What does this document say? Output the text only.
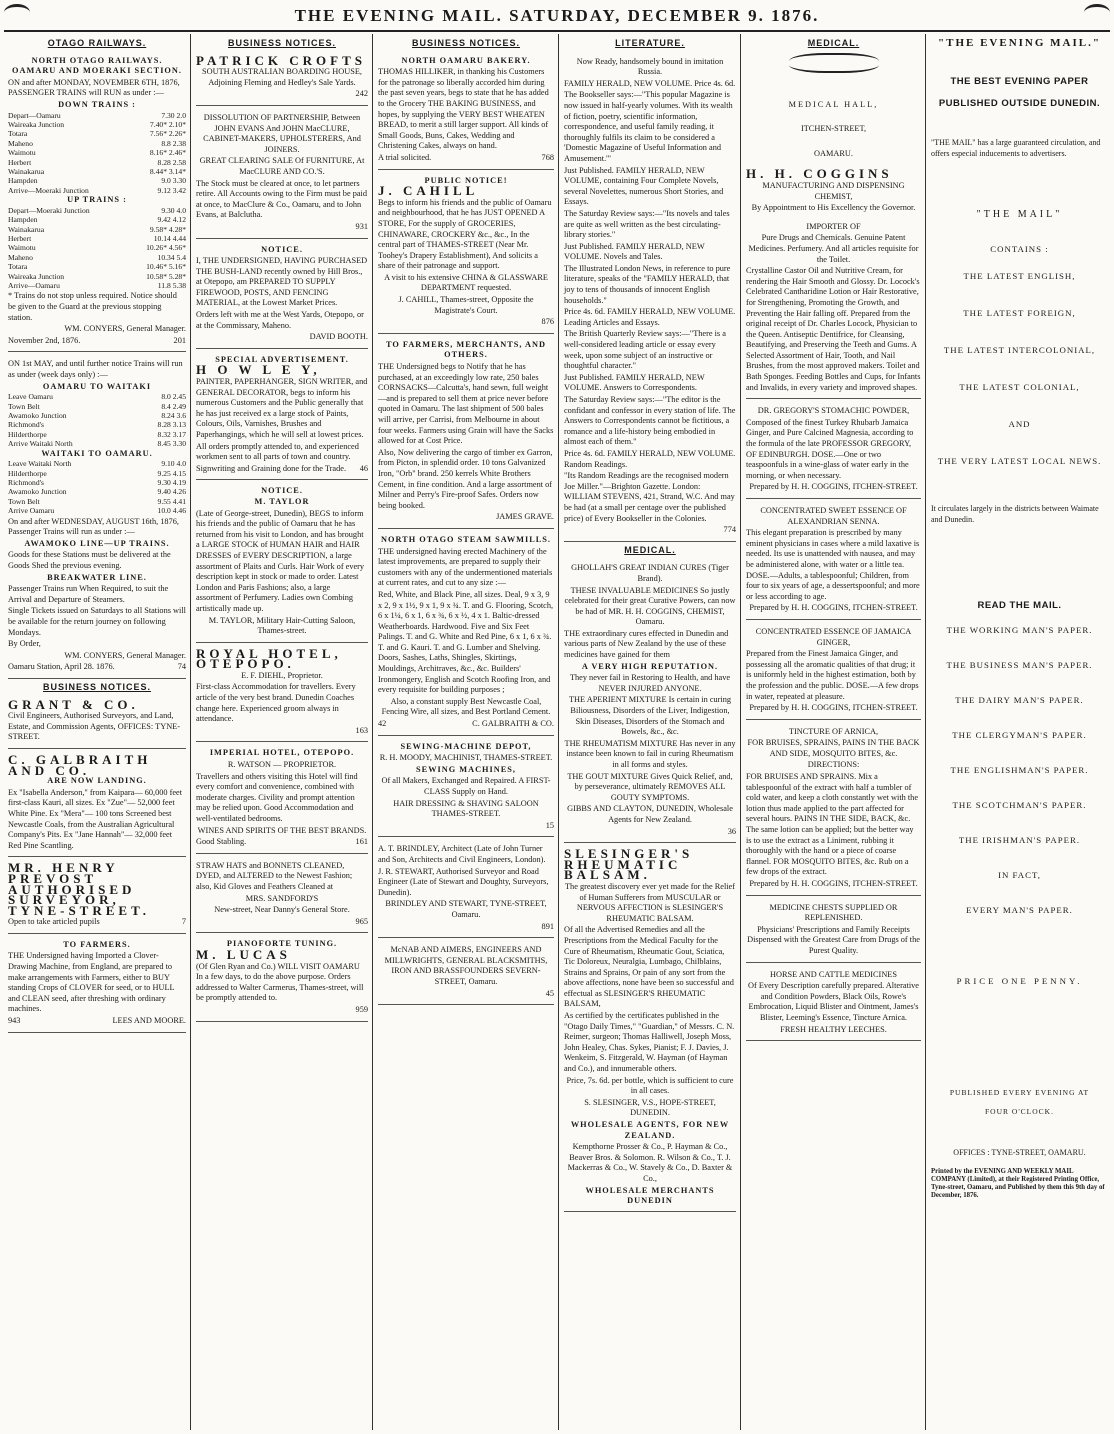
THE EVENING MAIL. SATURDAY, DECEMBER 9. 1876.
OTAGO RAILWAYS.
NORTH OTAGO RAILWAYS.
OAMARU AND MOERAKI SECTION.

ON and after MONDAY, NOVEMBER 6TH, 1876, PASSENGER TRAINS will RUN as under :—

DOWN TRAINS :
Depart—Oamaru	7.30 2.0
Waireaka Junction	7.40* 2.10*
Totara	7.56* 2.26*
Maheno	8.8 2.38
Waimotu	8.16* 2.46*
Herbert	8.28 2.58
Wainakarua	8.44* 3.14*
Hampden	9.0 3.30
Arrive—Moeraki Junction	9.12 3.42
UP TRAINS :
Depart—Moeraki Junction	9.30 4.0
Hampden	9.42 4.12
Wainakarua	9.58* 4.28*
Herbert	10.14 4.44
Waimotu	10.26* 4.56*
Maheno	10.34 5.4
Totara	10.46* 5.16*
Waireaka Junction	10.58* 5.28*
Arrive—Oamaru	11.8 5.38

* Trains do not stop unless required. Notice should be given to the Guard at the previous stopping station.

WM. CONYERS, General Manager.

November 2nd, 1876.	201

ON 1st MAY, and until further notice Trains will run as under (week days only) :—

OAMARU TO WAITAKI
Leave Oamaru	8.0 2.45
Town Belt	8.4 2.49
Awamoko Junction	8.24 3.6
Richmond's	8.28 3.13
Hilderthorpe	8.32 3.17
Arrive Waitaki North	8.45 3.30
WAITAKI TO OAMARU.
Leave Waitaki North	9.10 4.0
Hilderthorpe	9.25 4.15
Richmond's	9.30 4.19
Awamoko Junction	9.40 4.26
Town Belt	9.55 4.41
Arrive Oamaru	10.0 4.46

On and after WEDNESDAY, AUGUST 16th, 1876, Passenger Trains will run as under :—

AWAMOKO LINE—UP TRAINS.

Goods for these Stations must be delivered at the Goods Shed the previous evening.

BREAKWATER LINE.

Passenger Trains run When Required, to suit the Arrival and Departure of Steamers.

Single Tickets issued on Saturdays to all Stations will be available for the return journey on following Mondays.

By Order,

WM. CONYERS, General Manager.

Oamaru Station, April 28. 1876.	74

BUSINESS NOTICES.
GRANT & CO.

Civil Engineers, Authorised Surveyors, and Land, Estate, and Commission Agents, OFFICES: TYNE-STREET.

C. GALBRAITH AND CO.
ARE NOW LANDING.

Ex "Isabella Anderson," from Kaipara— 60,000 feet first-class Kauri, all sizes. Ex "Zue"— 52,000 feet White Pine. Ex "Mera"— 100 tons Screened best Newcastle Coals, from the Australian Agricultural Company's Pits. Ex "Jane Hannah"— 32,000 feet Red Pine Scantling.

MR. HENRY PREVOST AUTHORISED SURVEYOR, TYNE-STREET.

Open to take articled pupils	7

TO FARMERS.

THE Undersigned having Imported a Clover-Drawing Machine, from England, are prepared to make arrangements with Farmers, either to BUY standing Crops of CLOVER for seed, or to HULL and CLEAN seed, after threshing with ordinary machines.

943	LEES AND MOORE.

BUSINESS NOTICES.
PATRICK CROFTS

SOUTH AUSTRALIAN BOARDING HOUSE, Adjoining Fleming and Hedley's Sale Yards.

242

DISSOLUTION OF PARTNERSHIP, Between JOHN EVANS And JOHN MacCLURE, CABINET-MAKERS, UPHOLSTERERS, And JOINERS.

GREAT CLEARING SALE Of FURNITURE, At MacCLURE AND CO.'S.

The Stock must be cleared at once, to let partners retire. All Accounts owing to the Firm must be paid at once, to MacClure & Co., Oamaru, and to John Evans, at Balclutha.

931

NOTICE.

I, THE UNDERSIGNED, HAVING PURCHASED THE BUSH-LAND recently owned by Hill Bros., at Otepopo, am PREPARED TO SUPPLY FIREWOOD, POSTS, AND FENCING MATERIAL, at the Lowest Market Prices.

Orders left with me at the West Yards, Otepopo, or at the Commissary, Maheno.

DAVID BOOTH.

SPECIAL ADVERTISEMENT.
H O W L E Y,

PAINTER, PAPERHANGER, SIGN WRITER, and GENERAL DECORATOR, begs to inform his numerous Customers and the Public generally that he has just received ex a large stock of Paints, Colours, Oils, Varnishes, Brushes and Paperhangings, which he will sell at lowest prices.

All orders promptly attended to, and experienced workmen sent to all parts of town and country.

Signwriting and Graining done for the Trade. 46

NOTICE.
M. TAYLOR

(Late of George-street, Dunedin), BEGS to inform his friends and the public of Oamaru that he has returned from his visit to London, and has brought a LARGE STOCK of HUMAN HAIR and HAIR DRESSES of EVERY DESCRIPTION, a large assortment of Plaits and Curls. Hair Work of every description kept in stock or made to order. Latest London and Paris Fashions; also, a large assortment of Perfumery. Ladies own Combing artistically made up.

M. TAYLOR, Military Hair-Cutting Saloon, Thames-street.

ROYAL HOTEL, OTEPOPO.

E. F. DIEHL, Proprietor.

First-class Accommodation for travellers. Every article of the very best brand. Dunedin Coaches change here. Experienced groom always in attendance.

163

IMPERIAL HOTEL, OTEPOPO.

R. WATSON — PROPRIETOR.

Travellers and others visiting this Hotel will find every comfort and convenience, combined with moderate charges. Civility and prompt attention may be relied upon. Good Accommodation and well-ventilated bedrooms.

WINES AND SPIRITS OF THE BEST BRANDS.

Good Stabling.	161

STRAW HATS and BONNETS CLEANED, DYED, and ALTERED to the Newest Fashion; also, Kid Gloves and Feathers Cleaned at

MRS. SANDFORD'S

New-street, Near Danny's General Store.

965

PIANOFORTE TUNING.
M. LUCAS

(Of Glen Ryan and Co.) WILL VISIT OAMARU In a few days, to do the above purpose. Orders addressed to Walter Carmerus, Thames-street, will be promptly attended to.

959

BUSINESS NOTICES.
NORTH OAMARU BAKERY.

THOMAS HILLIKER, in thanking his Customers for the patronage so liberally accorded him during the past seven years, begs to state that he has added to the Grocery THE BAKING BUSINESS, and hopes, by supplying the VERY BEST WHEATEN BREAD, to merit a still larger support. All kinds of Small Goods, Buns, Cakes, Wedding and Christening Cakes, always on hand.

A trial solicited.	768

PUBLIC NOTICE!
J. CAHILL

Begs to inform his friends and the public of Oamaru and neighbourhood, that he has JUST OPENED A STORE, For the supply of GROCERIES, CHINAWARE, CROCKERY &c., &c., In the central part of THAMES-STREET (Near Mr. Toohey's Drapery Establishment), And solicits a share of their patronage and support.

A visit to his extensive CHINA & GLASSWARE DEPARTMENT requested.

J. CAHILL, Thames-street, Opposite the Magistrate's Court.

876

TO FARMERS, MERCHANTS, AND OTHERS.

THE Undersigned begs to Notify that he has purchased, at an exceedingly low rate, 250 bales CORNSACKS—Calcutta's, hand sewn, full weight—and is prepared to sell them at price never before quoted in Oamaru. The last shipment of 500 bales will arrive, per Carrisi, from Melbourne in about four weeks. Farmers using Grain will have the Sacks allowed for at Cost Price.

Also, Now delivering the cargo of timber ex Garron, from Picton, in splendid order. 10 tons Galvanized Iron, "Orb" brand. 250 kerrels White Brothers Cement, in fine condition. And a large assortment of Milner and Perry's Fire-proof Safes. Orders now being booked.

JAMES GRAVE.

NORTH OTAGO STEAM SAWMILLS.

THE undersigned having erected Machinery of the latest improvements, are prepared to supply their customers with any of the undermentioned materials at current rates, and cut to any size :—

Red, White, and Black Pine, all sizes. Deal, 9 x 3, 9 x 2, 9 x 1½, 9 x 1, 9 x ¾. T. and G. Flooring, Scotch, 6 x 1¼, 6 x 1, 6 x ¾, 6 x ½, 4 x 1. Baltic-dressed Weatherboards. Hardwood. Five and Six Feet Palings. T. and G. White and Red Pine, 6 x 1, 6 x ¾. T. and G. Kauri. T. and G. Lumber and Shelving. Doors, Sashes, Laths, Shingles, Skirtings, Mouldings, Architraves, &c., &c. Builders' Ironmongery, English and Scotch Roofing Iron, and every requisite for building purposes ;

Also, a constant supply Best Newcastle Coal, Fencing Wire, all sizes, and Best Portland Cement.

42	C. GALBRAITH & CO.

SEWING-MACHINE DEPOT,

R. H. MOODY, MACHINIST, THAMES-STREET.

SEWING MACHINES,

Of all Makers, Exchanged and Repaired. A FIRST-CLASS Supply on Hand.

HAIR DRESSING & SHAVING SALOON THAMES-STREET.

15

A. T. BRINDLEY, Architect (Late of John Turner and Son, Architects and Civil Engineers, London).

J. R. STEWART, Authorised Surveyor and Road Engineer (Late of Stewart and Doughty, Surveyors, Dunedin).

BRINDLEY AND STEWART, TYNE-STREET, Oamaru.

891

McNAB AND AIMERS, ENGINEERS AND MILLWRIGHTS, GENERAL BLACKSMITHS, IRON AND BRASSFOUNDERS SEVERN-STREET, Oamaru.

45

LITERATURE.

Now Ready, handsomely bound in imitation Russia.

FAMILY HERALD, NEW VOLUME. Price 4s. 6d.

The Bookseller says:—"This popular Magazine is now issued in half-yearly volumes. With its wealth of fiction, poetry, scientific information, correspondence, and useful family reading, it thoroughly fulfils its claim to be considered a 'Domestic Magazine of Useful Information and Amusement.'"

Just Published. FAMILY HERALD, NEW VOLUME, containing Four Complete Novels, several Novelettes, numerous Short Stories, and Essays.

The Saturday Review says:—"Its novels and tales are quite as well written as the best circulating-library stories."

Just Published. FAMILY HERALD, NEW VOLUME. Novels and Tales.

The Illustrated London News, in reference to pure literature, speaks of the "FAMILY HERALD, that joy to tens of thousands of innocent English households."

Price 4s. 6d. FAMILY HERALD, NEW VOLUME. Leading Articles and Essays.

The British Quarterly Review says:—"There is a well-considered leading article or essay every week, upon some subject of an instructive or thoughtful character."

Just Published. FAMILY HERALD, NEW VOLUME. Answers to Correspondents.

The Saturday Review says:—"The editor is the confidant and confessor in every station of life. The Answers to Correspondents cannot be fictitious, a romance and a life-history being embodied in almost each of them."

Price 4s. 6d. FAMILY HERALD, NEW VOLUME. Random Readings.

"Its Random Readings are the recognised modern Joe Miller."—Brighton Gazette. London: WILLIAM STEVENS, 421, Strand, W.C. And may be had (at a small per centage over the published price) of Every Bookseller in the Colonies.

774

MEDICAL.

GHOLLAH'S GREAT INDIAN CURES (Tiger Brand).

THESE INVALUABLE MEDICINES So justly celebrated for their great Curative Powers, can now be had of MR. H. H. COGGINS, CHEMIST, Oamaru.

THE extraordinary cures effected in Dunedin and various parts of New Zealand by the use of these medicines have gained for them

A VERY HIGH REPUTATION.

They never fail in Restoring to Health, and have NEVER INJURED ANYONE.

THE APERIENT MIXTURE Is certain in curing Biliousness, Disorders of the Liver, Indigestion, Skin Diseases, Disorders of the Stomach and Bowels, &c., &c.

THE RHEUMATISM MIXTURE Has never in any instance been known to fail in curing Rheumatism in all forms and styles.

THE GOUT MIXTURE Gives Quick Relief, and, by perseverance, ultimately REMOVES ALL GOUTY SYMPTOMS.

GIBBS AND CLAYTON, DUNEDIN, Wholesale Agents for New Zealand.

36

SLESINGER'S RHEUMATIC BALSAM.

The greatest discovery ever yet made for the Relief of Human Sufferers from MUSCULAR or NERVOUS AFFECTION is SLESINGER'S RHEUMATIC BALSAM.

Of all the Advertised Remedies and all the Prescriptions from the Medical Faculty for the Cure of Rheumatism, Rheumatic Gout, Sciatica, Tic Doloreux, Neuralgia, Lumbago, Chilblains, Strains and Sprains, Or pain of any sort from the above affections, none have been so successful and effectual as SLESINGER'S RHEUMATIC BALSAM,

As certified by the certificates published in the "Otago Daily Times," "Guardian," of Messrs. C. N. Reimer, surgeon; Thomas Halliwell, Joseph Moss, John Healey, Chas. Sykes, Pianist; F. J. Davies, J. Wenkeim, S. Fitzgerald, W. Hayman (of Hayman and Co.), and innumerable others.

Price, 7s. 6d. per bottle, which is sufficient to cure in all cases.

S. SLESINGER, V.S., HOPE-STREET, DUNEDIN.

WHOLESALE AGENTS, FOR NEW ZEALAND.

Kempthorne Prosser & Co., P. Hayman & Co., Beaver Bros. & Solomon. R. Wilson & Co., T. J. Mackerras & Co., W. Stavely & Co., D. Baxter & Co.,

WHOLESALE MERCHANTS DUNEDIN
MEDICAL.

MEDICAL HALL,

ITCHEN-STREET,

OAMARU.

H. H. COGGINS

MANUFACTURING AND DISPENSING CHEMIST,

By Appointment to His Excellency the Governor.

IMPORTER OF

Pure Drugs and Chemicals. Genuine Patent Medicines. Perfumery. And all articles requisite for the Toilet.

Crystalline Castor Oil and Nutritive Cream, for rendering the Hair Smooth and Glossy. Dr. Locock's Celebrated Cantharidine Lotion or Hair Restorative, for Strengthening, Promoting the Growth, and Preventing the Hair falling off. Prepared from the original receipt of Dr. Charles Locock, Physician to the Queen. Antiseptic Dentifrice, for Cleansing, Beautifying, and Preserving the Teeth and Gums. A Selected Assortment of Hair, Tooth, and Nail Brushes, from the most approved makers. Toilet and Bath Sponges. Feeding Bottles and Cups, for Infants and Invalids, in every variety and improved shapes.

DR. GREGORY'S STOMACHIC POWDER,

Composed of the finest Turkey Rhubarb Jamaica Ginger, and Pure Calcined Magnesia, according to the formula of the late PROFESSOR GREGORY, OF EDINBURGH. DOSE.—One or two teaspoonfuls in a wine-glass of water early in the morning, or when necessary.

Prepared by H. H. COGGINS, ITCHEN-STREET.

CONCENTRATED SWEET ESSENCE OF ALEXANDRIAN SENNA.

This elegant preparation is prescribed by many eminent physicians in cases where a mild laxative is needed. Its use is unattended with nausea, and may be administered alone, with water or a little tea. DOSE.—Adults, a tablespoonful; Children, from four to six years of age, a dessertspoonful; and more or less according to age.

Prepared by H. H. COGGINS, ITCHEN-STREET.

CONCENTRATED ESSENCE OF JAMAICA GINGER,

Prepared from the Finest Jamaica Ginger, and possessing all the aromatic qualities of that drug; it is uniformly held in the highest estimation, both by the profession and the public. DOSE.—A few drops in water, repeated at pleasure.

Prepared by H. H. COGGINS, ITCHEN-STREET.

TINCTURE OF ARNICA,

FOR BRUISES, SPRAINS, PAINS IN THE BACK AND SIDE, MOSQUITO BITES, &c.

DIRECTIONS:

FOR BRUISES AND SPRAINS. Mix a tablespoonful of the extract with half a tumbler of cold water, and keep a cloth constantly wet with the lotion thus made applied to the part affected for several hours. PAINS IN THE SIDE, BACK, &c. The same lotion can be applied; but the better way is to use the extract as a Liniment, rubbing it thoroughly with the hand or a piece of coarse flannel. FOR MOSQUITO BITES, &c. Rub on a few drops of the extract.

Prepared by H. H. COGGINS, ITCHEN-STREET.

MEDICINE CHESTS SUPPLIED OR REPLENISHED.

Physicians' Prescriptions and Family Receipts Dispensed with the Greatest Care from Drugs of the Purest Quality.

HORSE AND CATTLE MEDICINES

Of Every Description carefully prepared. Alterative and Condition Powders, Black Oils, Rowe's Embrocation, Liquid Blister and Ointment, James's Blister, Leeming's Essence, Tincture Arnica.

FRESH HEALTHY LEECHES.

"THE EVENING MAIL."
THE BEST EVENING PAPER PUBLISHED OUTSIDE DUNEDIN.
"THE MAIL" has a large guaranteed circulation, and offers especial inducements to advertisers.
"THE MAIL"
CONTAINS :
THE LATEST ENGLISH,
THE LATEST FOREIGN,
THE LATEST INTERCOLONIAL,
THE LATEST COLONIAL,
AND
THE VERY LATEST LOCAL NEWS.
It circulates largely in the districts between Waimate and Dunedin.
READ THE MAIL.
THE WORKING MAN'S PAPER.
THE BUSINESS MAN'S PAPER.
THE DAIRY MAN'S PAPER.
THE CLERGYMAN'S PAPER.
THE ENGLISHMAN'S PAPER.
THE SCOTCHMAN'S PAPER.
THE IRISHMAN'S PAPER.
IN FACT,
EVERY MAN'S PAPER.
PRICE ONE PENNY.
PUBLISHED EVERY EVENING AT
FOUR O'CLOCK.
OFFICES : TYNE-STREET, OAMARU.
Printed by the EVENING AND WEEKLY MAIL COMPANY (Limited), at their Registered Printing Office, Tyne-street, Oamaru, and Published by them this 9th day of December, 1876.
